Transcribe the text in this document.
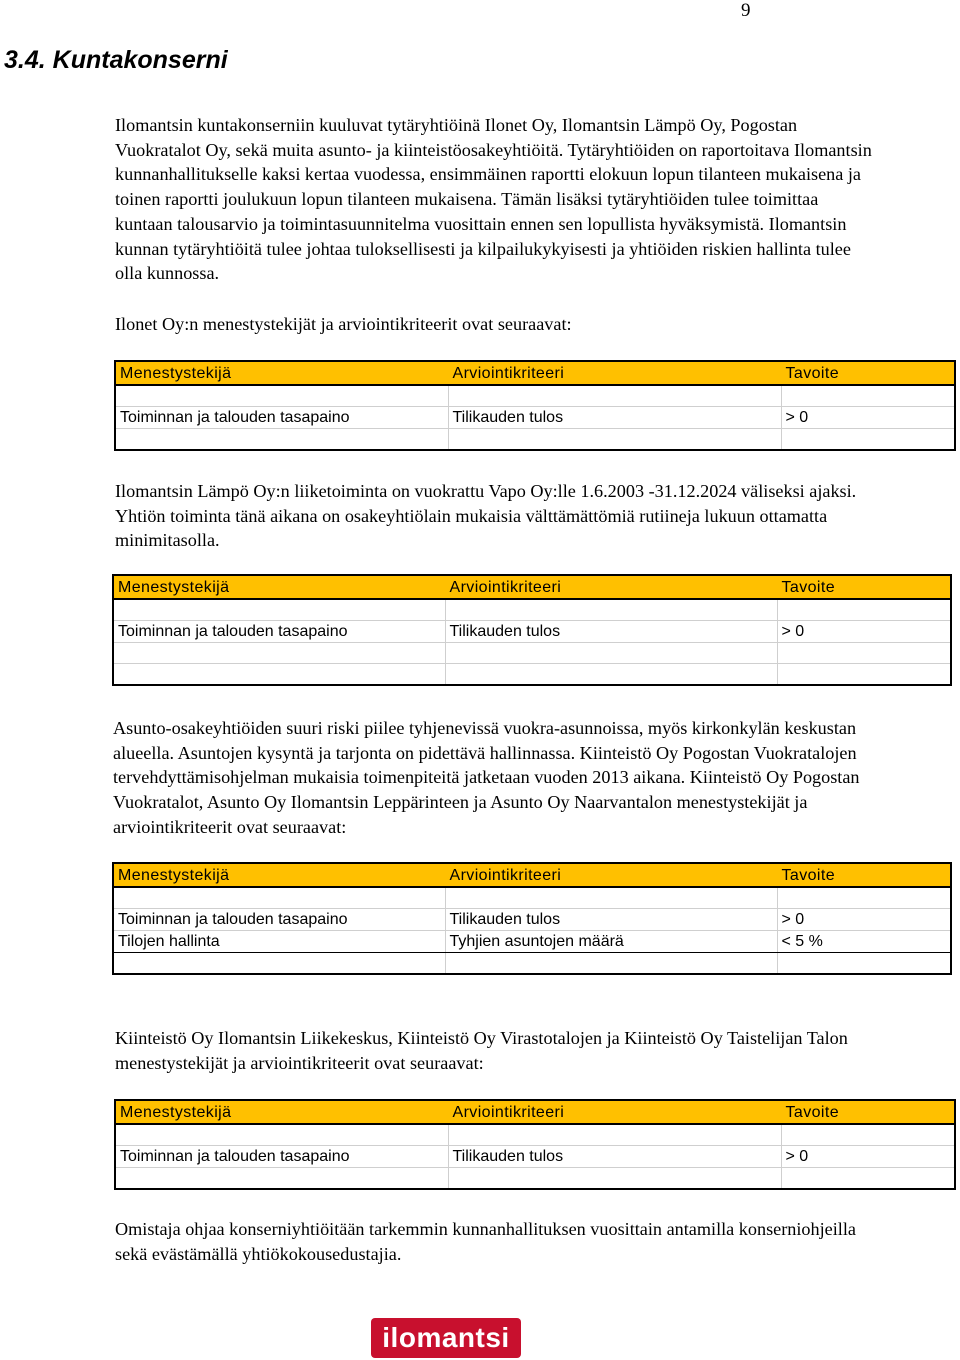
9
3.4. Kuntakonserni

Ilomantsin kuntakonserniin kuuluvat tytäryhtiöinä Ilonet Oy, Ilomantsin Lämpö Oy, Pogostan Vuokratalot Oy, sekä muita asunto- ja kiinteistöosakeyhtiöitä. Tytäryhtiöiden on raportoitava Ilomantsin kunnanhallitukselle kaksi kertaa vuodessa, ensimmäinen raportti elokuun lopun tilanteen mukaisena ja toinen raportti joulukuun lopun tilanteen mukaisena. Tämän lisäksi tytäryhtiöiden tulee toimittaa kuntaan talousarvio ja toimintasuunnitelma vuosittain ennen sen lopullista hyväksymistä. Ilomantsin kunnan tytäryhtiöitä tulee johtaa tuloksellisesti ja kilpailukykyisesti ja yhtiöiden riskien hallinta tulee olla kunnossa.

Ilonet Oy:n menestystekijät ja arviointikriteerit ovat seuraavat:

Menestystekijä	Arviointikriteeri	Tavoite

Toiminnan ja talouden tasapaino	Tilikauden tulos	> 0

Ilomantsin Lämpö Oy:n liiketoiminta on vuokrattu Vapo Oy:lle 1.6.2003 -31.12.2024 väliseksi ajaksi. Yhtiön toiminta tänä aikana on osakeyhtiölain mukaisia välttämättömiä rutiineja lukuun ottamatta minimitasolla.

Menestystekijä	Arviointikriteeri	Tavoite

Toiminnan ja talouden tasapaino	Tilikauden tulos	> 0

Asunto-osakeyhtiöiden suuri riski piilee tyhjenevissä vuokra-asunnoissa, myös kirkonkylän keskustan alueella. Asuntojen kysyntä ja tarjonta on pidettävä hallinnassa. Kiinteistö Oy Pogostan Vuokratalojen tervehdyttämisohjelman mukaisia toimenpiteitä jatketaan vuoden 2013 aikana. Kiinteistö Oy Pogostan Vuokratalot, Asunto Oy Ilomantsin Leppärinteen ja Asunto Oy Naarvantalon menestystekijät ja arviointikriteerit ovat seuraavat:

Menestystekijä	Arviointikriteeri	Tavoite

Toiminnan ja talouden tasapaino	Tilikauden tulos	> 0
Tilojen hallinta	Tyhjien asuntojen määrä	< 5 %

Kiinteistö Oy Ilomantsin Liikekeskus, Kiinteistö Oy Virastotalojen ja Kiinteistö Oy Taistelijan Talon menestystekijät ja arviointikriteerit ovat seuraavat:

Menestystekijä	Arviointikriteeri	Tavoite

Toiminnan ja talouden tasapaino	Tilikauden tulos	> 0

Omistaja ohjaa konserniyhtiöitään tarkemmin kunnanhallituksen vuosittain antamilla konserniohjeilla sekä evästämällä yhtiökokousedustajia.

ilomantsi
